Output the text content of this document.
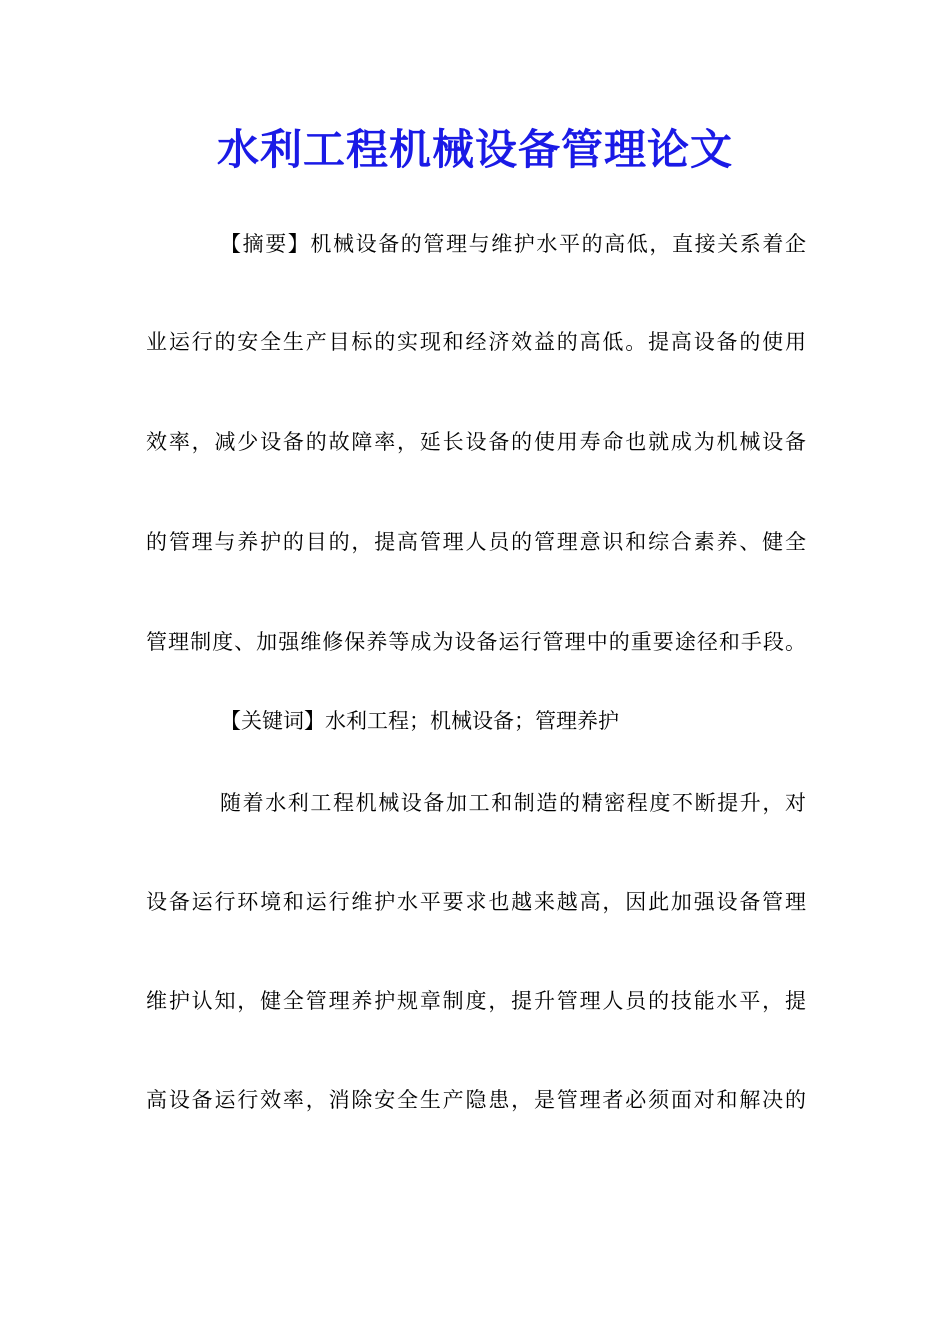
水利工程机械设备管理论文
【摘要】机械设备的管理与维护水平的高低，直接关系着企
业运行的安全生产目标的实现和经济效益的高低。提高设备的使用
效率，减少设备的故障率，延长设备的使用寿命也就成为机械设备
的管理与养护的目的，提高管理人员的管理意识和综合素养、健全
管理制度、加强维修保养等成为设备运行管理中的重要途径和手段。
【关键词】水利工程；机械设备；管理养护
随着水利工程机械设备加工和制造的精密程度不断提升，对
设备运行环境和运行维护水平要求也越来越高，因此加强设备管理
维护认知，健全管理养护规章制度，提升管理人员的技能水平，提
高设备运行效率，消除安全生产隐患，是管理者必须面对和解决的
